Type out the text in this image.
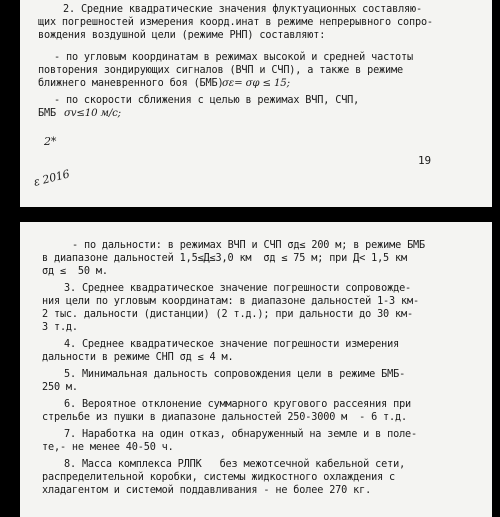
2. Средние квадратические значения флуктуационных составляю-
щих погрешностей измерения коорд.инат в режиме непрерывного сопро-
вождения воздушной цели (режиме РНП) составляют:
- по угловым координатам в режимах высокой и средней частоты
повторения зондирующих сигналов (ВЧП и СЧП), а также в режиме
ближнего маневренного боя (БМБ)
σε= σφ ≤ 15;
- по скорости сближения с целью в режимах ВЧП, СЧП,
БМБ σv≤10 м/с;
2*
19
ε 2016
- по дальности: в режимах ВЧП и СЧП σд≤ 200 м; в режиме БМБ
в диапазоне дальностей 1,5≤Д≤3,0 км  σд ≤ 75 м; при Д< 1,5 км
σд ≤  50 м.
3. Среднее квадратическое значение погрешности сопровожде-
ния цели по угловым координатам: в диапазоне дальностей 1-3 км-
2 тыс. дальности (дистанции) (2 т.д.); при дальности до 30 км-
3 т.д.
4. Среднее квадратическое значение погрешности измерения
дальности в режиме СНП σд ≤ 4 м.
5. Минимальная дальность сопровождения цели в режиме БМБ-
250 м.
6. Вероятное отклонение суммарного кругового рассеяния при
стрельбе из пушки в диапазоне дальностей 250-3000 м  - 6 т.д.
7. Наработка на один отказ, обнаруженный на земле и в полe-
те,- не менее 40-50 ч.
8. Масса комплекса РЛПК   без межотсечной кабельной сети,
распределительной коробки, системы жидкостного охлаждения с
хладагентом и системой поддавливания - не более 270 кг.
